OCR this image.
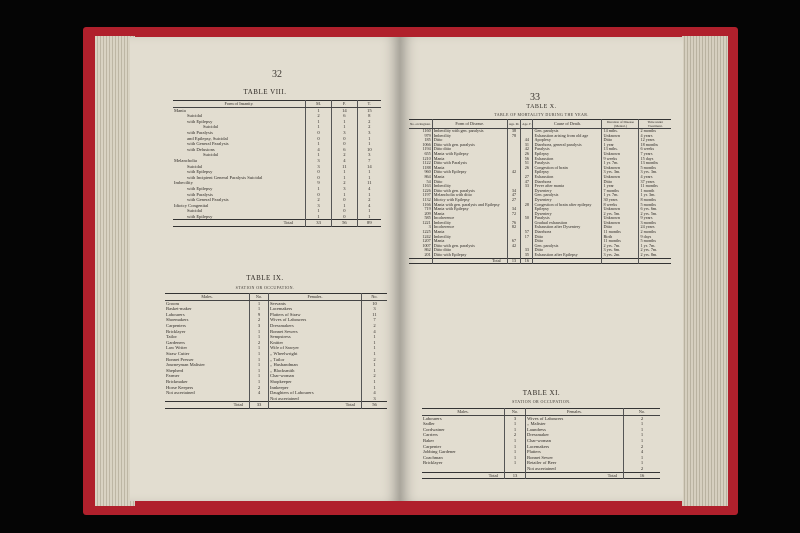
32
TABLE VIII.
Form of Insanity.	M.	F.	T.
Mania	1	14	15
Suicidal	2	6	8
with Epilepsy	1	1	2
Suicidal	1	1	2
with Paralysis	0	3	3
and Epilepsy, Suicidal	0	0	1
with General Paralysis	1	0	1
with Delusions	4	6	10
Suicidal	1	2	3
Melancholia	3	4	7
Suicidal	3	11	14
with Epilepsy	0	1	1
with Incipient General Paralysis Suicidal	0	1	1
Imbecility	9	2	11
with Epilepsy	1	3	4
with Paralysis	0	1	1
with General Paralysis	2	0	2
Idiotcy Congenital	3	1	4
Suicidal	1	0	1
with Epilepsy	1	0	1
Total	33	56	89
TABLE IX.
STATION OR OCCUPATION.
Males.	No.	Females.	No.
Groom	1	Servants	10
Basket-maker	1	Lacemakers	3
Labourers	9	Platters of Straw	11
Shoemakers	2	Wives of Labourers	7
Carpenters	3	Dressmakers	2
Bricklayer	1	Bonnet Sewers	4
Tailor	1	Sempstress	1
Gardeners	2	Knitter	1
Law Writer	1	Wife of Sawyer	1
Straw Cutter	1	,, Wheelwright	1
Bonnet Presser	1	,, Tailor	2
Journeyman Maltster	1	,, Husbandman	1
Shepherd	1	,, Blacksmith	1
Farmer	1	Char-woman	2
Brickmaker	1	Shopkeeper	1
Horse Keepers	2	Innkeeper	1
Not ascertained	4	Daughters of Labourers	4
		Not ascertained	3
Total	33	Total	56
33
TABLE X.
TABLE OF MORTALITY DURING THE YEAR.
No. on Register.	Form of Disease.	Age. M.	Age. F.	Cause of Death.	Duration of Disease (Mental.)	Time under Treatment.
1160	Imbecility with gen. paralysis	38		Gen. paralysis	14 mths.	2 months
979	Imbecility	78		Exhaustion arising from old age	Unknown	4 years
185	Ditto		44	Apoplexy	Ditto	12 years
1066	Ditto with gen. paralysis		31	Diarrhoea, general paralysis	1 year	18 months
1194	Ditto ditto		42	Paralysis	13 mths.	6 weeks
655	Mania with Epilepsy		26	Epilepsy	Unknown	7 years
1210	Mania		56	Exhaustion	9 weeks	15 days
1122	Ditto with Paralysis		51	Paralysis	1 yr. 7m.	13 months
1188	Mania		26	Congestion of brain	Unknown	5 months
960	Ditto with Epilepsy	42		Epilepsy	3 yrs. 3m.	3 yrs. 3m.
864	Mania		27	Exhaustion	Unknown	4 years
54	Ditto		47	Diarrhoea	Ditto	37 years
1163	Imbecility		33	Fever after mania	1 year	11 months
1226	Ditto with gen. paralysis	34		Dysentery	7 months	1 month
1197	Melancholia with ditto	47		Gen. paralysis	1 yr. 7m.	1 yr. 3m.
1132	Idiotcy with Epilepsy	27		Dysentery	30 years	8 months
1166	Mania with gen. paralysis and Epilepsy		28	Congestion of brain after epilepsy	8 weeks	5 months
719	Mania with Epilepsy	34		Epilepsy	Unknown	6 yrs. 6m.
209	Mania	72		Dysentery	2 yrs. 5m.	2 yrs. 5m.
585	Incoherence		50	Paralysis	Unknown	9 years
1221	Imbecility	76		Gradual exhaustion	Unknown	3 months
3	Incoherence	82		Exhaustion after Dysentery	Ditto	24 years
1225	Mania		57	Diarrhoea	11 months	2 months
1242	Imbecility		17	Ditto	Birth	9 days
1207	Mania	67		Ditto	11 months	5 months
1007	Ditto with gen. paralysis	42		Gen. paralysis	2 yrs. 7m.	1 yr. 7m.
862	Ditto ditto		33	Ditto	3 yrs. 6m.	2 yrs. 7m.
201	Ditto with Epilepsy		35	Exhaustion after Epilepsy	3 yrs. 2m.	2 yrs. 8m.
	Total	13	16			
TABLE XI.
STATION OR OCCUPATION.
Males.	No.	Females.	No.
Labourers	3	Wives of Labourers	2
Sadler	1	,, Maltster	1
Cordwainer	1	Laundress	1
Carriers	2	Dressmaker	1
Baker	1	Char-woman	1
Carpenter	1	Lacemakers	2
Jobbing Gardener	1	Platters	4
Coachman	1	Bonnet Sewer	1
Bricklayer	1	Retailer of Beer	1
		Not ascertained	2
Total	13	Total	16
